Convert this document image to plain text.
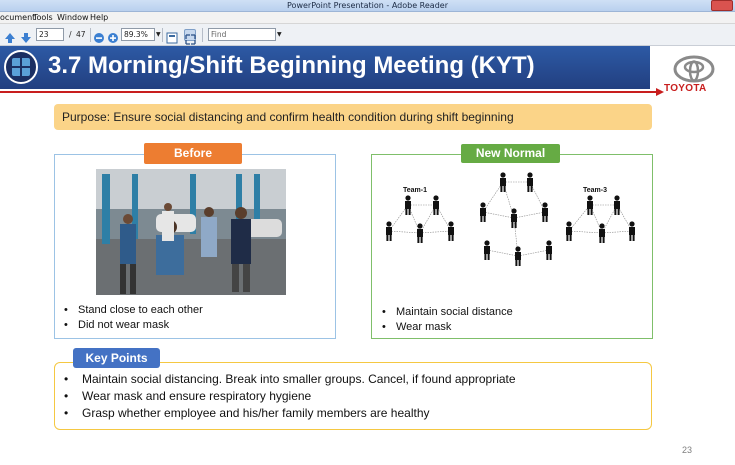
PowerPoint Presentation - Adobe Reader
ocument
Tools Window Help
23	/ 47	89.3%	▼	Find	▼
3.7 Morning/Shift Beginning Meeting (KYT)
TOYOTA
Purpose: Ensure social distancing and confirm health condition during shift beginning
Before
• Stand close to each other
• Did not wear mask
New Normal
Team-1	Team-3
• Maintain social distance
• Wear mask
Key Points
• Maintain social distancing. Break into smaller groups. Cancel, if found appropriate
• Wear mask and ensure respiratory hygiene
• Grasp whether employee and his/her family members are healthy
23
